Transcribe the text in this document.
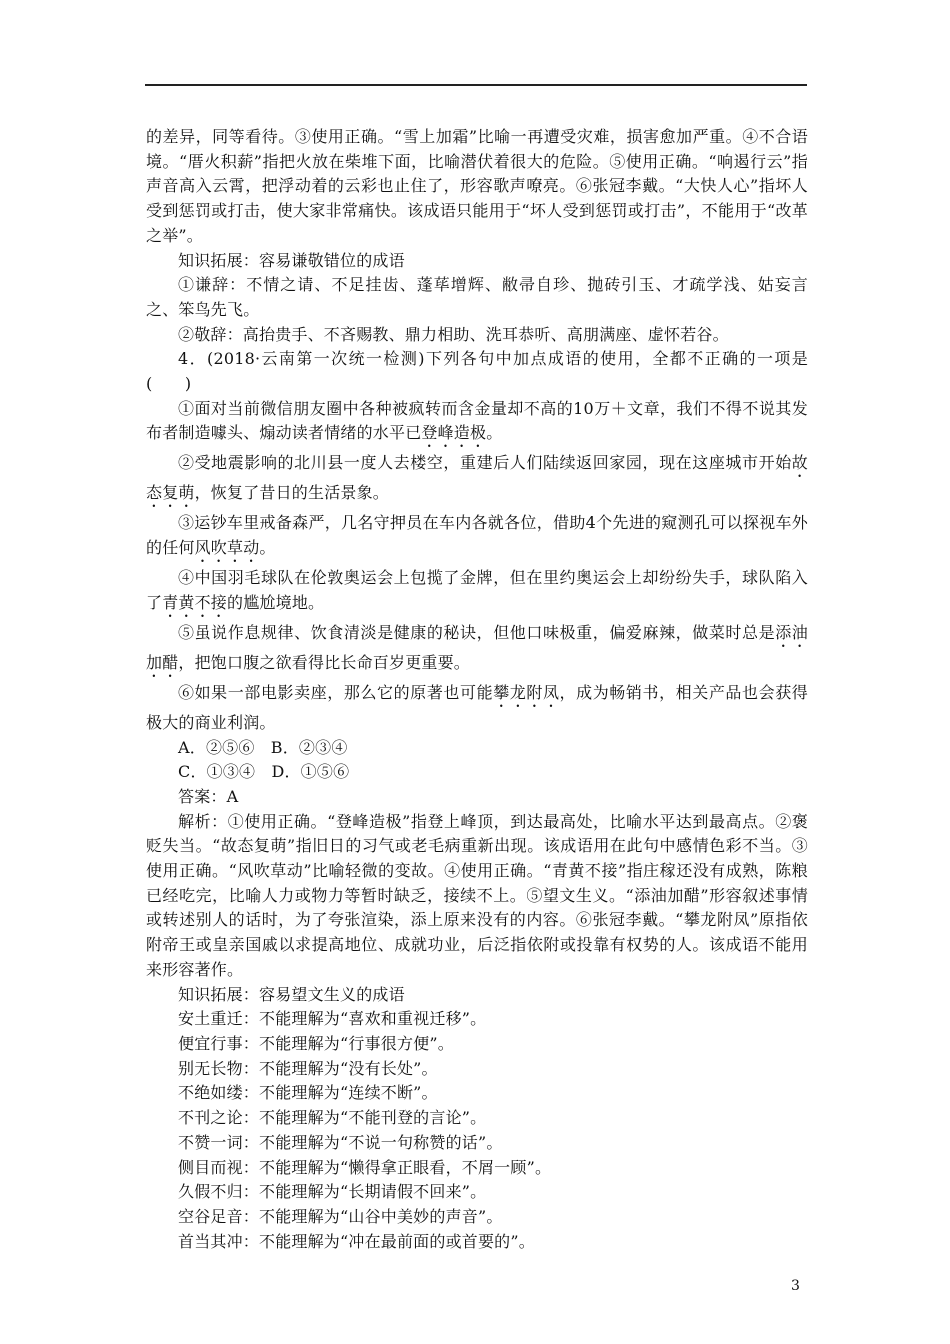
的差异，同等看待。③使用正确。“雪上加霜”比喻一再遭受灾难，损害愈加严重。④不合语境。“厝火积薪”指把火放在柴堆下面，比喻潜伏着很大的危险。⑤使用正确。“响遏行云”指声音高入云霄，把浮动着的云彩也止住了，形容歌声嘹亮。⑥张冠李戴。“大快人心”指坏人受到惩罚或打击，使大家非常痛快。该成语只能用于“坏人受到惩罚或打击”，不能用于“改革之举”。

知识拓展：容易谦敬错位的成语

①谦辞：不情之请、不足挂齿、蓬荜增辉、敝帚自珍、抛砖引玉、才疏学浅、姑妄言之、笨鸟先飞。

②敬辞：高抬贵手、不吝赐教、鼎力相助、洗耳恭听、高朋满座、虚怀若谷。

4．(2018·云南第一次统一检测)下列各句中加点成语的使用，全都不正确的一项是　(　　)

①面对当前微信朋友圈中各种被疯转而含金量却不高的10万＋文章，我们不得不说其发布者制造噱头、煽动读者情绪的水平已登峰造极。

②受地震影响的北川县一度人去楼空，重建后人们陆续返回家园，现在这座城市开始故态复萌，恢复了昔日的生活景象。

③运钞车里戒备森严，几名守押员在车内各就各位，借助4个先进的窥测孔可以探视车外的任何风吹草动。

④中国羽毛球队在伦敦奥运会上包揽了金牌，但在里约奥运会上却纷纷失手，球队陷入了青黄不接的尴尬境地。

⑤虽说作息规律、饮食清淡是健康的秘诀，但他口味极重，偏爱麻辣，做菜时总是添油加醋，把饱口腹之欲看得比长命百岁更重要。

⑥如果一部电影卖座，那么它的原著也可能攀龙附凤，成为畅销书，相关产品也会获得极大的商业利润。

A．②⑤⑥　B．②③④

C．①③④　D．①⑤⑥

答案：A

解析：①使用正确。“登峰造极”指登上峰顶，到达最高处，比喻水平达到最高点。②褒贬失当。“故态复萌”指旧日的习气或老毛病重新出现。该成语用在此句中感情色彩不当。③使用正确。“风吹草动”比喻轻微的变故。④使用正确。“青黄不接”指庄稼还没有成熟，陈粮已经吃完，比喻人力或物力等暂时缺乏，接续不上。⑤望文生义。“添油加醋”形容叙述事情或转述别人的话时，为了夸张渲染，添上原来没有的内容。⑥张冠李戴。“攀龙附凤”原指依附帝王或皇亲国戚以求提高地位、成就功业，后泛指依附或投靠有权势的人。该成语不能用来形容著作。

知识拓展：容易望文生义的成语

安土重迁：不能理解为“喜欢和重视迁移”。

便宜行事：不能理解为“行事很方便”。

别无长物：不能理解为“没有长处”。

不绝如缕：不能理解为“连续不断”。

不刊之论：不能理解为“不能刊登的言论”。

不赞一词：不能理解为“不说一句称赞的话”。

侧目而视：不能理解为“懒得拿正眼看，不屑一顾”。

久假不归：不能理解为“长期请假不回来”。

空谷足音：不能理解为“山谷中美妙的声音”。

首当其冲：不能理解为“冲在最前面的或首要的”。

3
